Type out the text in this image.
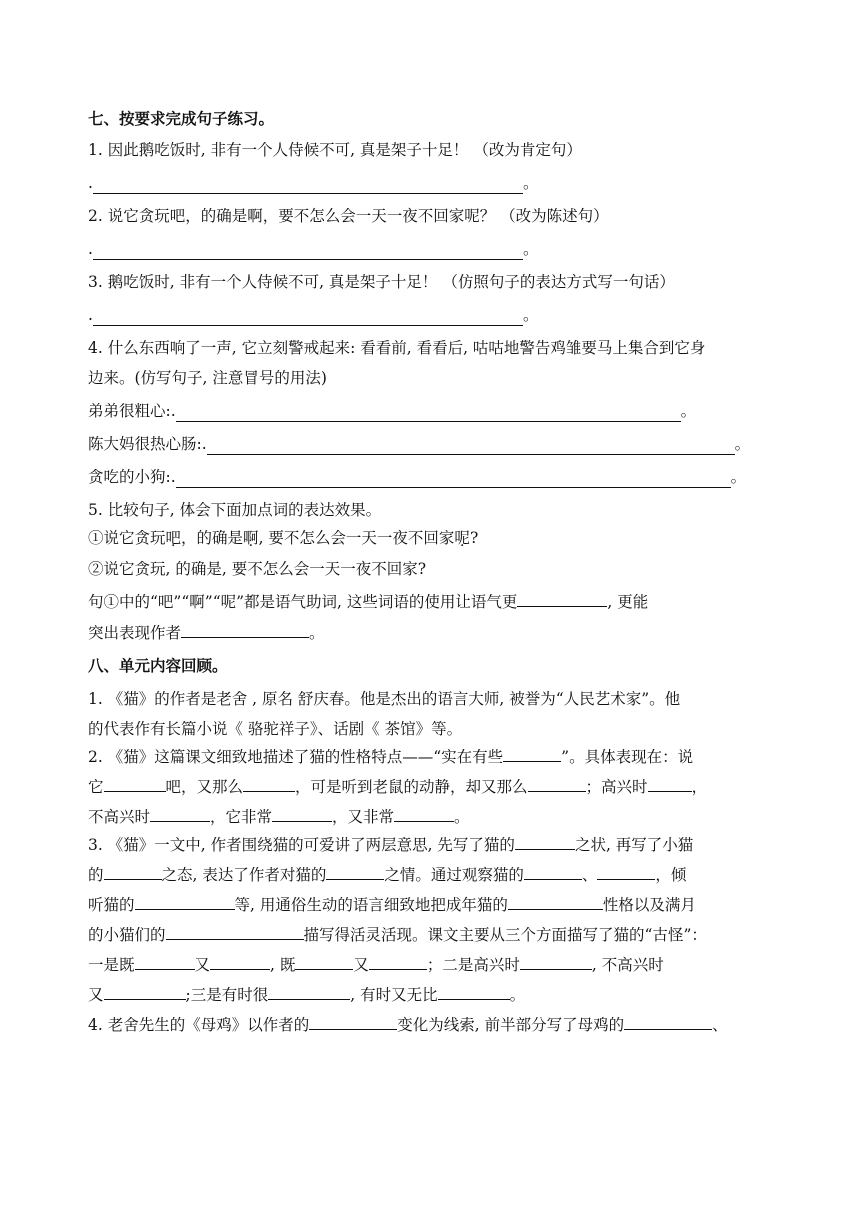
七、按要求完成句子练习。
1. 因此鹅吃饭时, 非有一个人侍候不可, 真是架子十足！ （改为肯定句）
.	。
2. 说它贪玩吧，的确是啊，要不怎么会一天一夜不回家呢？ （改为陈述句）
.	。
3. 鹅吃饭时, 非有一个人侍候不可, 真是架子十足！ （仿照句子的表达方式写一句话）
.	。
4. 什么东西响了一声, 它立刻警戒起来: 看看前, 看看后, 咕咕地警告鸡雏要马上集合到它身
边来。(仿写句子, 注意冒号的用法)
弟弟很粗心:.	。
陈大妈很热心肠:.	。
贪吃的小狗:.	。
5. 比较句子, 体会下面加点词的表达效果。
①说它贪玩吧，的确是啊, 要不怎么会一天一夜不回家呢?
②说它贪玩, 的确是, 要不怎么会一天一夜不回家?
句①中的“吧”“啊”“呢”都是语气助词, 这些词语的使用让语气更	, 更能
突出表现作者	。
八、单元内容回顾。
1. 《猫》的作者是老舍 , 原名 舒庆春。他是杰出的语言大师, 被誉为“人民艺术家”。他
的代表作有长篇小说《 骆驼祥子》、话剧《 茶馆》等。
2. 《猫》这篇课文细致地描述了猫的性格特点——“实在有些	”。具体表现在：说
它	吧，又那么	，可是听到老鼠的动静，却又那么	；高兴时	，
不高兴时	，它非常	，又非常	。
3. 《猫》一文中, 作者围绕猫的可爱讲了两层意思, 先写了猫的	之状, 再写了小猫
的	之态, 表达了作者对猫的	之情。通过观察猫的	、	，倾
听猫的	等, 用通俗生动的语言细致地把成年猫的	性格以及满月
的小猫们的	描写得活灵活现。课文主要从三个方面描写了猫的“古怪”：
一是既	又	, 既	又	；二是高兴时	, 不高兴时
又	;三是有时很	, 有时又无比	。
4. 老舍先生的《母鸡》以作者的	变化为线索, 前半部分写了母鸡的	、
